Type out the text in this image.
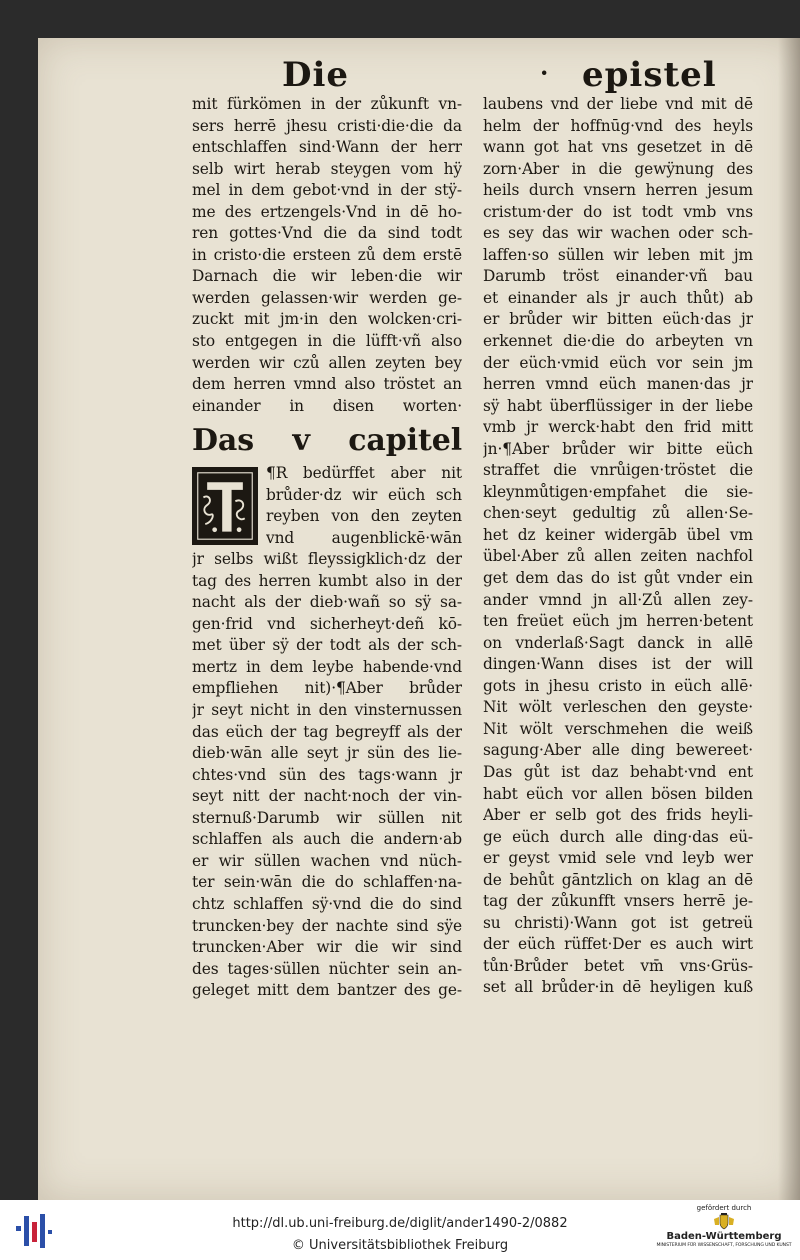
Die	· epistel
mit fürkömen in der zůkunft vn-
sers herrē jhesu cristi·die·die da
entschlaffen sind·Wann der herr
selb wirt herab steygen vom hÿ
mel in dem gebot·vnd in der stÿ-
me des ertzengels·Vnd in dē ho-
ren gottes·Vnd die da sind todt
in cristo·die ersteen zů dem erstē
Darnach die wir leben·die wir
werden gelassen·wir werden ge-
zuckt mit jm·in den wolcken·cri-
sto entgegen in die lüfft·vñ also
werden wir czů allen zeyten bey
dem herren vmnd also tröstet an
einander in disen worten·
Das v capitel
¶R bedürffet aber nit
brůder·dz wir eüch sch
reyben von den zeyten
vnd augenblickē·wān
jr selbs wißt fleyssigklich·dz der
tag des herren kumbt also in der
nacht als der dieb·wañ so sÿ sa-
gen·frid vnd sicherheyt·deñ kō-
met über sÿ der todt als der sch-
mertz in dem leybe habende·vnd
empfliehen nit)·¶Aber brůder
jr seyt nicht in den vinsternussen
das eüch der tag begreyff als der
dieb·wān alle seyt jr sün des lie-
chtes·vnd sün des tags·wann jr
seyt nitt der nacht·noch der vin-
sternuß·Darumb wir süllen nit
schlaffen als auch die andern·ab
er wir süllen wachen vnd nüch-
ter sein·wān die do schlaffen·na-
chtz schlaffen sÿ·vnd die do sind
truncken·bey der nachte sind sÿe
truncken·Aber wir die wir sind
des tages·süllen nüchter sein an-
geleget mitt dem bantzer des ge-
laubens vnd der liebe vnd mit dē
helm der hoffnūg·vnd des heyls
wann got hat vns gesetzet in dē
zorn·Aber in die gewÿnung des
heils durch vnsern herren jesum
cristum·der do ist todt vmb vns
es sey das wir wachen oder sch-
laffen·so süllen wir leben mit jm
Darumb tröst einander·vñ bau
et einander als jr auch thůt) ab
er brůder wir bitten eüch·das jr
erkennet die·die do arbeyten vn
der eüch·vmid eüch vor sein jm
herren vmnd eüch manen·das jr
sÿ habt überflüssiger in der liebe
vmb jr werck·habt den frid mitt
jn·¶Aber brůder wir bitte eüch
straffet die vnrůigen·tröstet die
kleynmůtigen·empfahet die sie-
chen·seyt gedultig zů allen·Se-
het dz keiner widergāb übel vm
übel·Aber zů allen zeiten nachfol
get dem das do ist gůt vnder ein
ander vmnd jn all·Zů allen zey-
ten freüet eüch jm herren·betent
on vnderlaß·Sagt danck in allē
dingen·Wann dises ist der will
gots in jhesu cristo in eüch allē·
Nit wölt verleschen den geyste·
Nit wölt verschmehen die weiß
sagung·Aber alle ding bewereet·
Das gůt ist daz behabt·vnd ent
habt eüch vor allen bösen bilden
Aber er selb got des frids heyli-
ge eüch durch alle ding·das eü-
er geyst vmid sele vnd leyb wer
de behůt gāntzlich on klag an dē
tag der zůkunfft vnsers herrē je-
su christi)·Wann got ist getreü
der eüch rüffet·Der es auch wirt
tůn·Brůder betet vm̄ vns·Grüs-
set all brůder·in dē heyligen kuß
http://dl.ub.uni-freiburg.de/diglit/ander1490-2/0882
© Universitätsbibliothek Freiburg
gefördert durch
Baden-Württemberg
MINISTERIUM FÜR WISSENSCHAFT, FORSCHUNG UND KUNST
